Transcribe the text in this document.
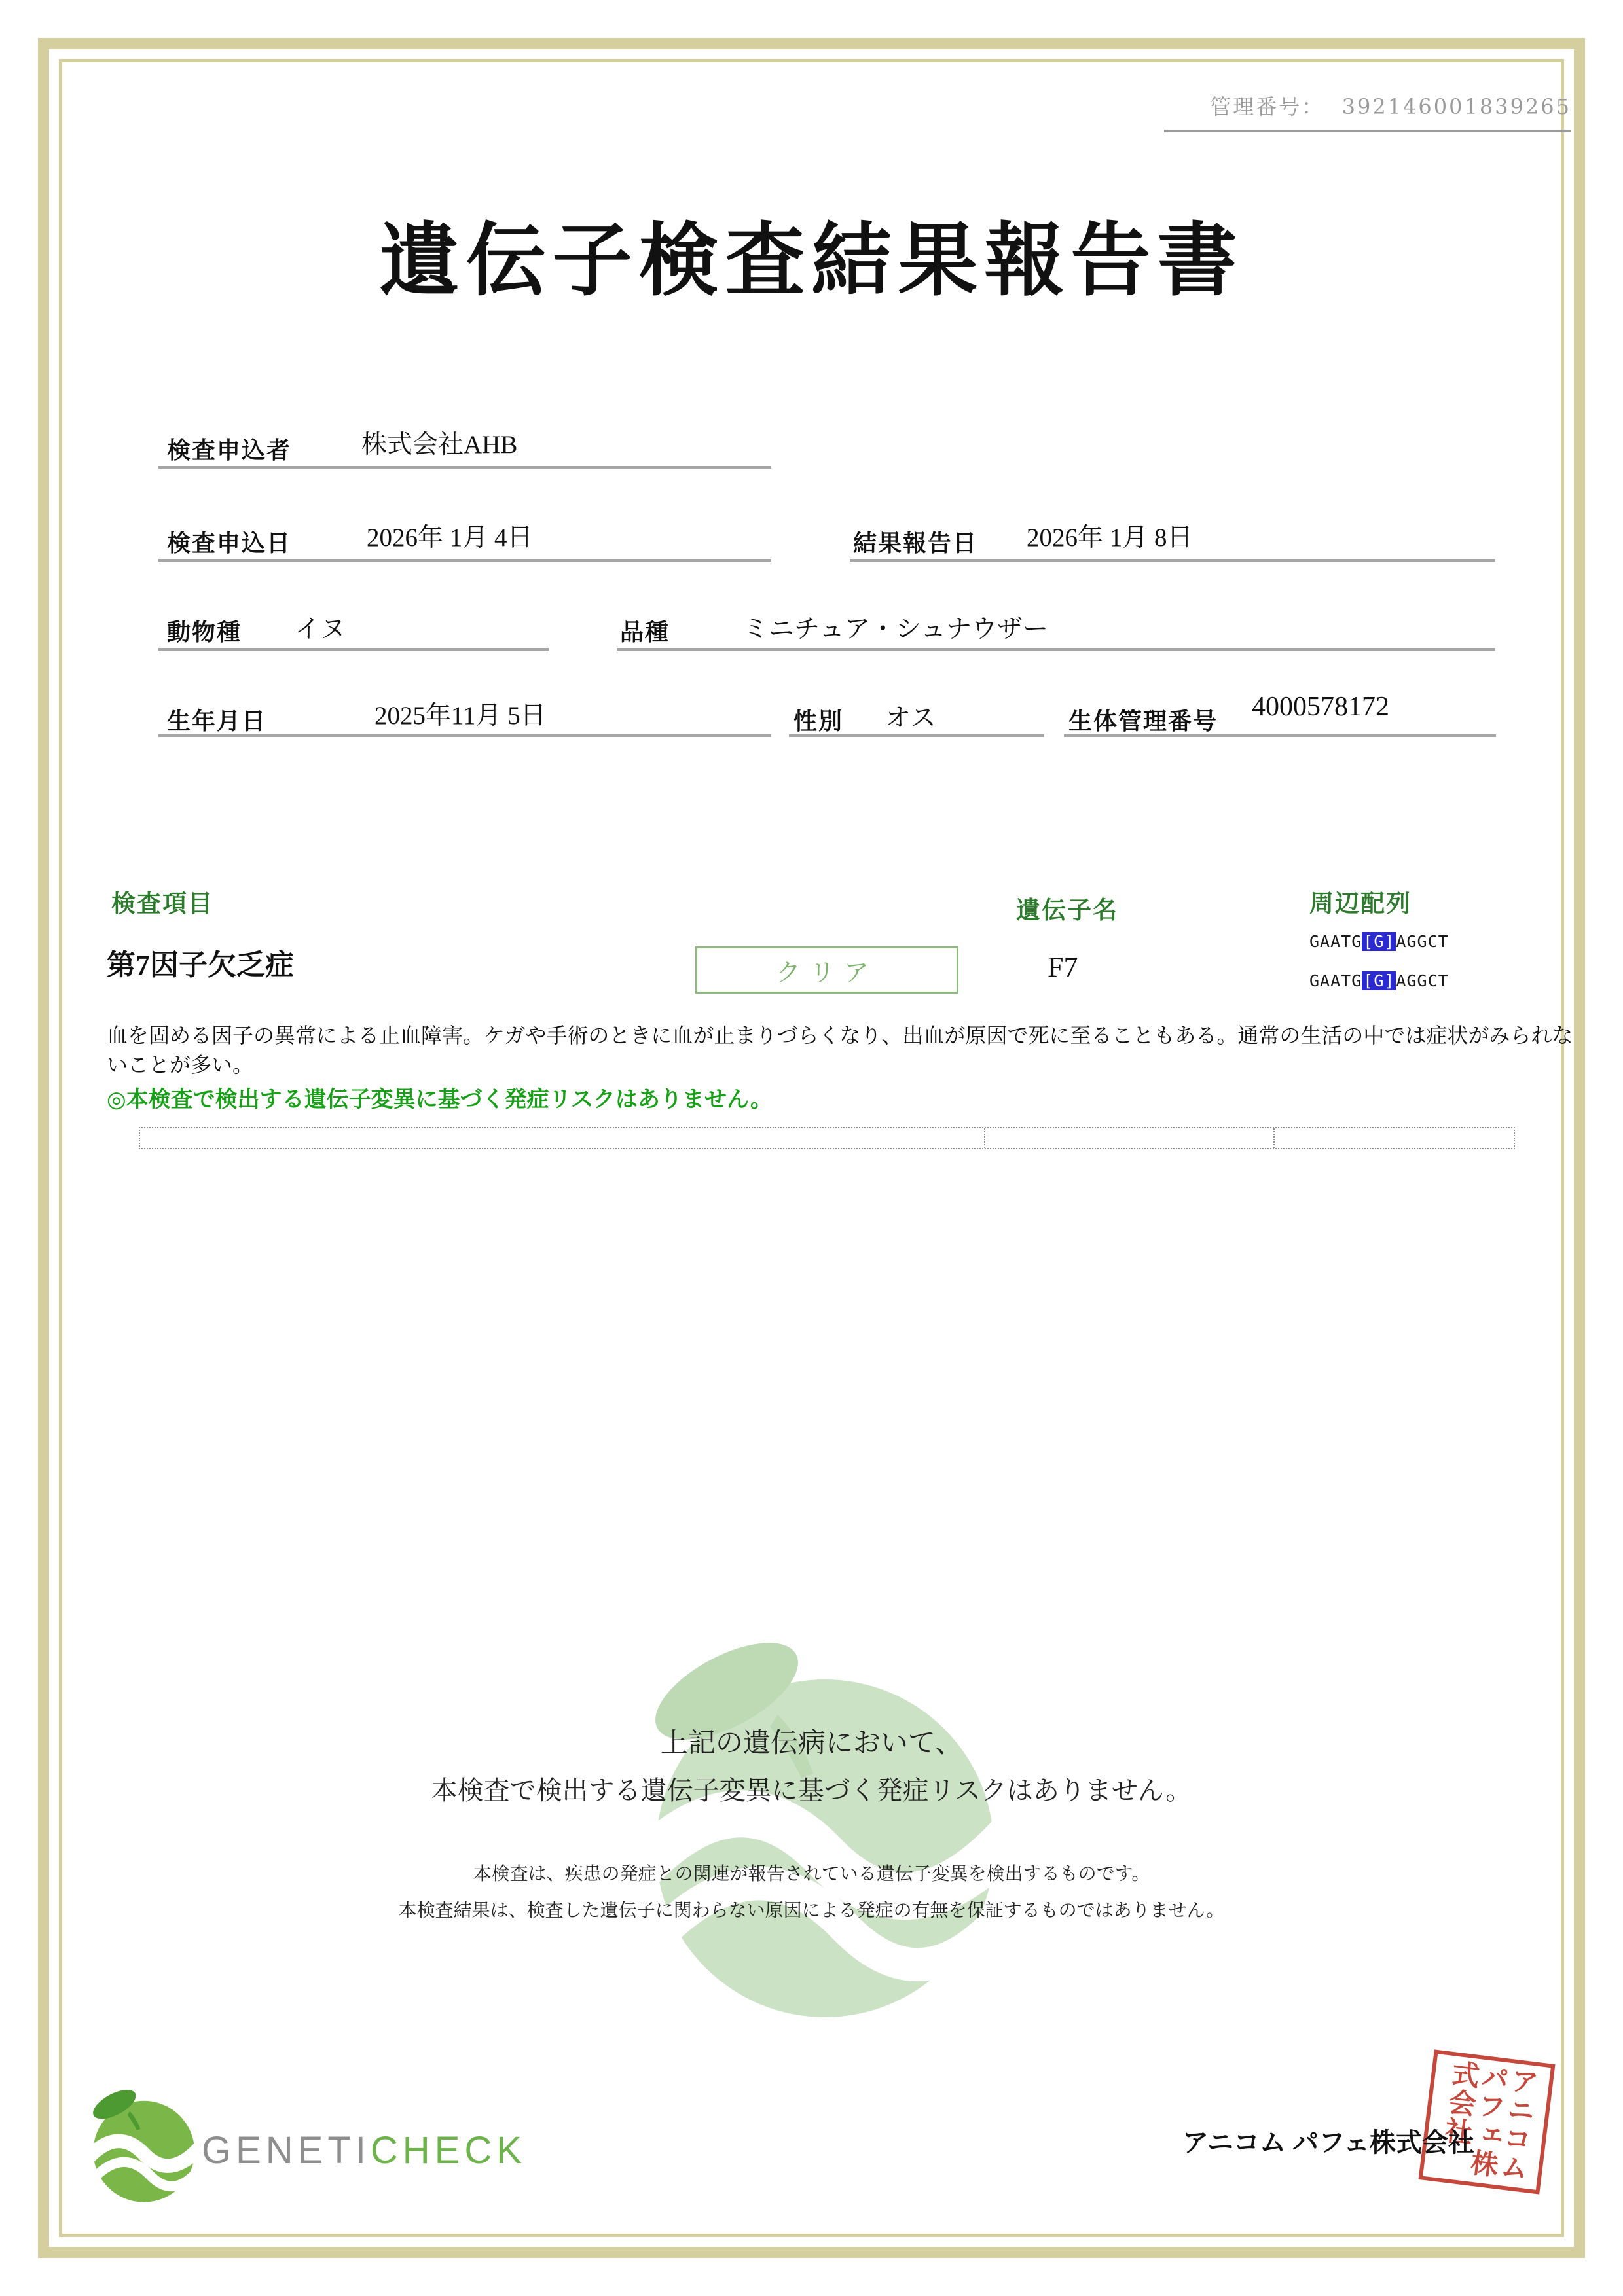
管理番号： 392146001839265
遺伝子検査結果報告書
検査申込者	株式会社AHB
検査申込日	2026年 1月 4日	結果報告日 2026年 1月 8日
動物種 イヌ	品種	ミニチュア・シュナウザー
生年月日	2025年11月 5日	性別 オス	生体管理番号 4000578172
検査項目	遺伝子名	周辺配列
第7因子欠乏症	クリア	F7
GAATG[G]AGGCT
GAATG[G]AGGCT
血を固める因子の異常による止血障害。ケガや手術のときに血が止まりづらくなり、出血が原因で死に至ることもある。通常の生活の中では症状がみられないことが多い。
◎本検査で検出する遺伝子変異に基づく発症リスクはありません。
上記の遺伝病において、
本検査で検出する遺伝子変異に基づく発症リスクはありません。
本検査は、疾患の発症との関連が報告されている遺伝子変異を検出するものです。
本検査結果は、検査した遺伝子に関わらない原因による発症の有無を保証するものではありません。
GENETICHECK	アニコム パフェ株式会社 アニコムパフェ株式会社
